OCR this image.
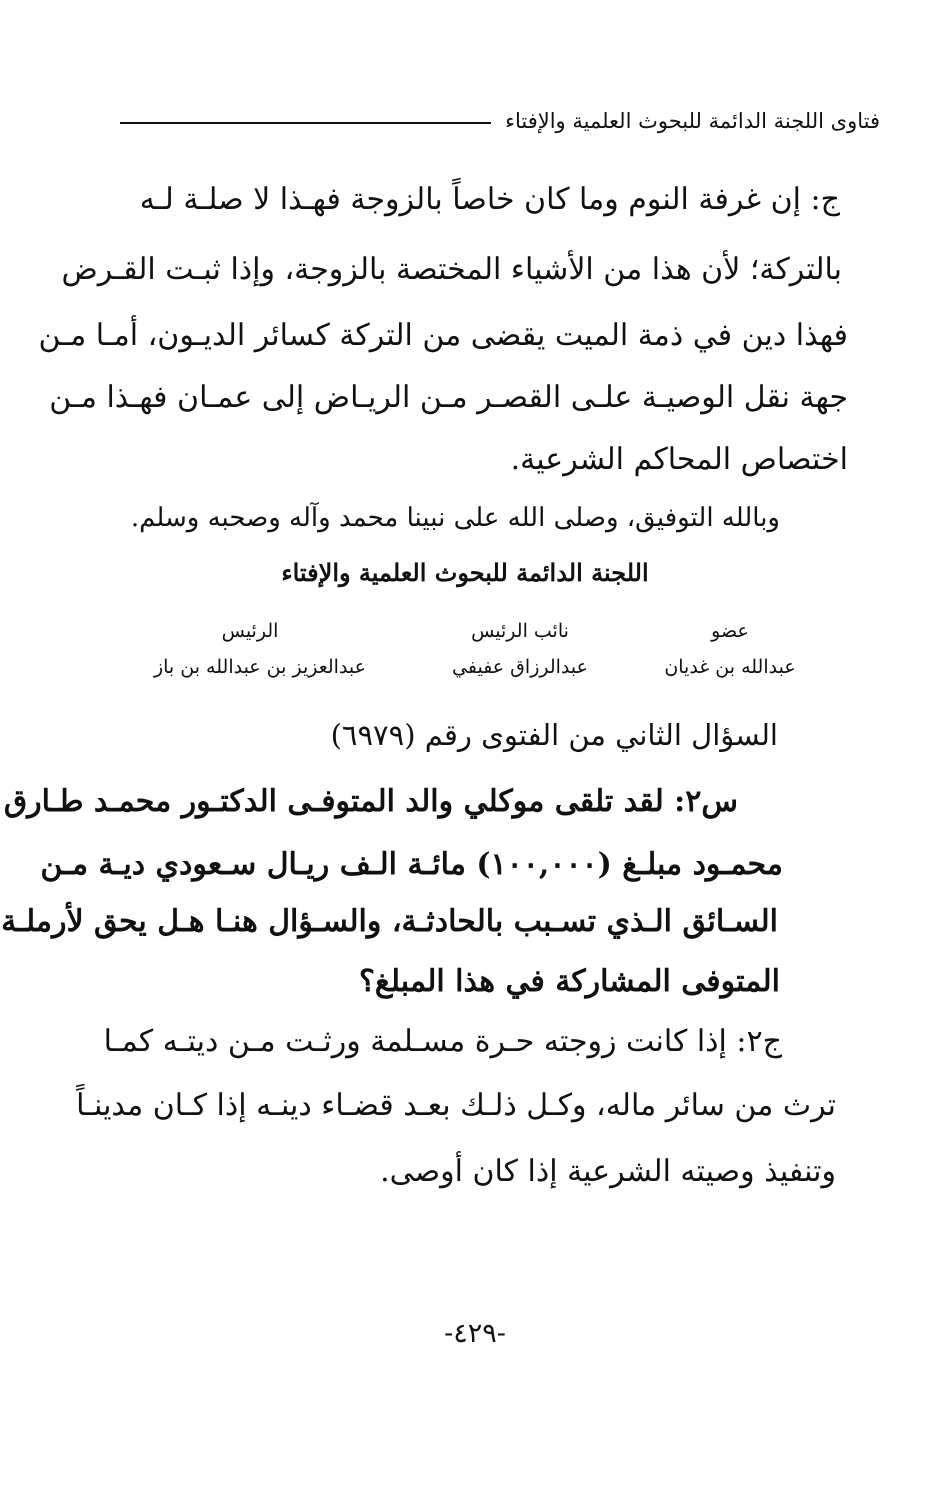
فتاوى اللجنة الدائمة للبحوث العلمية والإفتاء
ج: إن غرفة النوم وما كان خاصاً بالزوجة فهـذا لا صلـة لـه
بالتركة؛ لأن هذا من الأشياء المختصة بالزوجة، وإذا ثبـت القـرض
فهذا دين في ذمة الميت يقضى من التركة كسائر الديـون، أمـا مـن
جهة نقل الوصيـة علـى القصـر مـن الريـاض إلى عمـان فهـذا مـن
اختصاص المحاكم الشرعية.
وبالله التوفيق، وصلى الله على نبينا محمد وآله وصحبه وسلم.
اللجنة الدائمة للبحوث العلمية والإفتاء
الرئيس
عبدالعزيز بن عبدالله بن باز
نائب الرئيس
عبدالرزاق عفيفي
عضو
عبدالله بن غديان
السؤال الثاني من الفتوى رقم (٦٩٧٩)
س٢: لقد تلقى موكلي والد المتوفـى الدكتـور محمـد طـارق
محمـود مبلـغ (١٠٠,٠٠٠) مائـة الـف ريـال سـعودي ديـة مـن
السـائق الـذي تسـبب بالحادثـة، والسـؤال هنـا هـل يحق لأرملـة
المتوفى المشاركة في هذا المبلغ؟
ج٢: إذا كانت زوجته حـرة مسـلمة ورثـت مـن ديتـه كمـا
ترث من سائر ماله، وكـل ذلـك بعـد قضـاء دينـه إذا كـان مدينـاً
وتنفيذ وصيته الشرعية إذا كان أوصى.
-٤٢٩-
